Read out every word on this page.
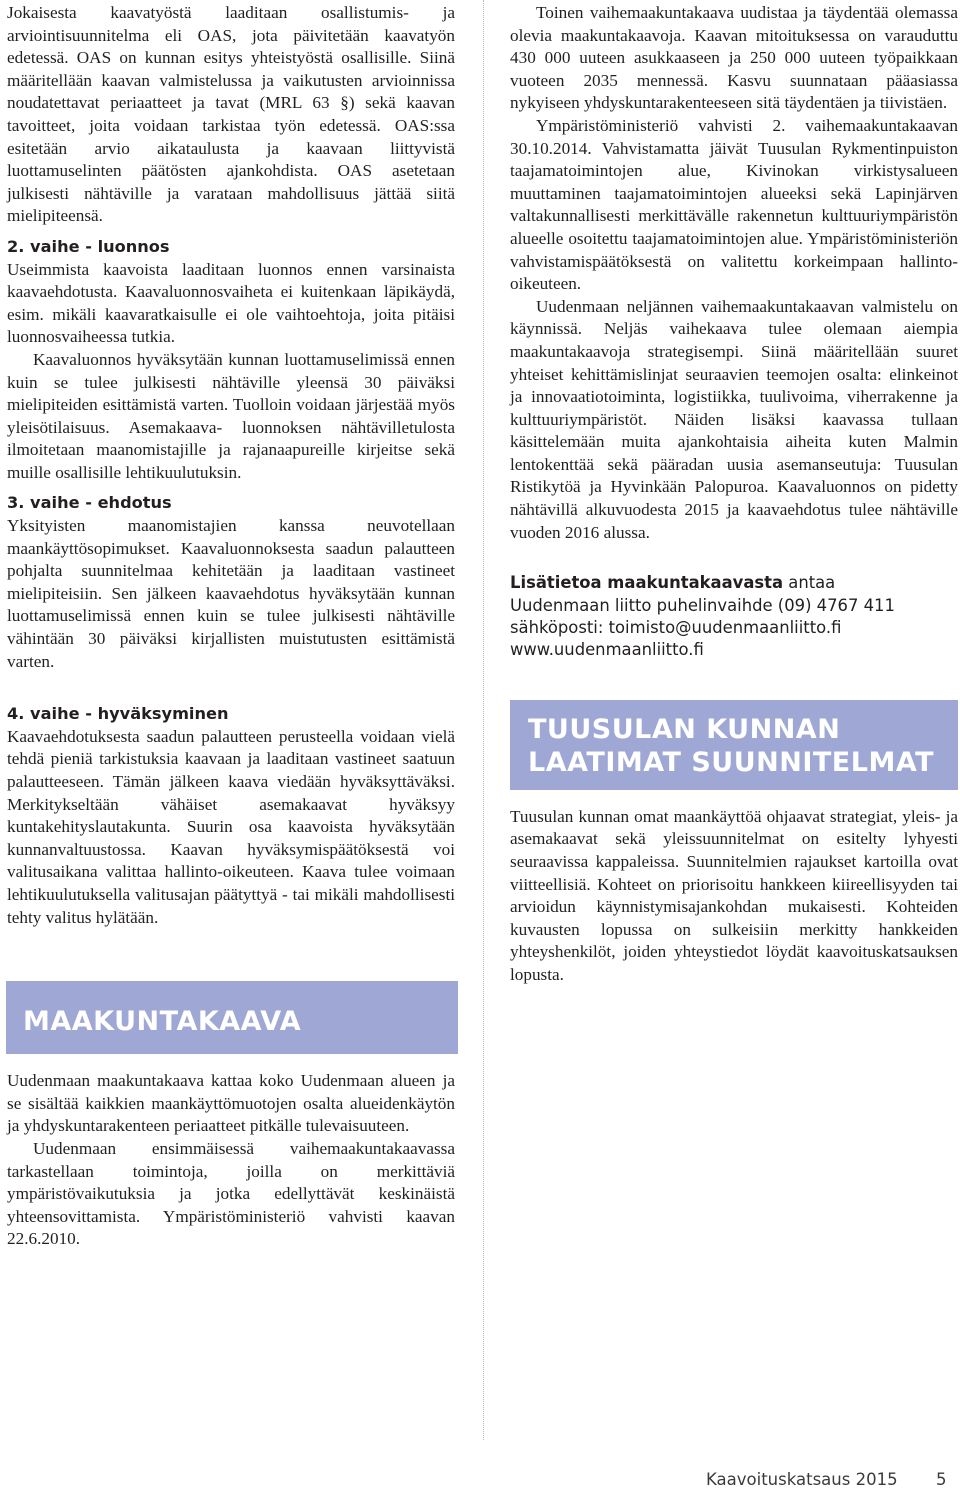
Jokaisesta kaavatyöstä laaditaan osallistumis- ja arviointisuunnitelma eli OAS, jota päivitetään kaavatyön edetessä. OAS on kunnan esitys yhteistyöstä osallisille. Siinä määritellään kaavan valmistelussa ja vaikutusten arvioinnissa noudatettavat periaatteet ja tavat (MRL 63 §) sekä kaavan tavoitteet, joita voidaan tarkistaa työn edetessä. OAS:ssa esitetään arvio aikataulusta ja kaavaan liittyvistä luottamuselinten päätösten ajankohdista. OAS asetetaan julkisesti nähtäville ja varataan mahdollisuus jättää siitä mielipiteensä.

2. vaihe - luonnos

Useimmista kaavoista laaditaan luonnos ennen varsinaista kaavaehdotusta. Kaavaluonnosvaiheta ei kuitenkaan läpikäydä, esim. mikäli kaavaratkaisulle ei ole vaihtoehtoja, joita pitäisi luonnosvaiheessa tutkia.

Kaavaluonnos hyväksytään kunnan luottamuselimissä ennen kuin se tulee julkisesti nähtäville yleensä 30 päiväksi mielipiteiden esittämistä varten. Tuolloin voidaan järjestää myös yleisötilaisuus. Asemakaava- luonnoksen nähtävilletulosta ilmoitetaan maanomistajille ja rajanaapureille kirjeitse sekä muille osallisille lehtikuulutuksin.

3. vaihe - ehdotus

Yksityisten maanomistajien kanssa neuvotellaan maankäyttösopimukset. Kaavaluonnoksesta saadun palautteen pohjalta suunnitelmaa kehitetään ja laaditaan vastineet mielipiteisiin. Sen jälkeen kaavaehdotus hyväksytään kunnan luottamuselimissä ennen kuin se tulee julkisesti nähtäville vähintään 30 päiväksi kirjallisten muistutusten esittämistä varten.

4. vaihe - hyväksyminen

Kaavaehdotuksesta saadun palautteen perusteella voidaan vielä tehdä pieniä tarkistuksia kaavaan ja laaditaan vastineet saatuun palautteeseen. Tämän jälkeen kaava viedään hyväksyttäväksi. Merkitykseltään vähäiset asemakaavat hyväksyy kuntakehityslautakunta. Suurin osa kaavoista hyväksytään kunnanvaltuustossa. Kaavan hyväksymispäätöksestä voi valitusaikana valittaa hallinto-oikeuteen. Kaava tulee voimaan lehtikuulutuksella valitusajan päätyttyä - tai mikäli mahdollisesti tehty valitus hylätään.

MAAKUNTAKAAVA

Uudenmaan maakuntakaava kattaa koko Uudenmaan alueen ja se sisältää kaikkien maankäyttömuotojen osalta alueidenkäytön ja yhdyskuntarakenteen periaatteet pitkälle tulevaisuuteen.

Uudenmaan ensimmäisessä vaihemaakuntakaavassa tarkastellaan toimintoja, joilla on merkittäviä ympäristövaikutuksia ja jotka edellyttävät keskinäistä yhteensovittamista. Ympäristöministeriö vahvisti kaavan 22.6.2010.

Toinen vaihemaakuntakaava uudistaa ja täydentää olemassa olevia maakuntakaavoja. Kaavan mitoituksessa on varauduttu 430 000 uuteen asukkaaseen ja 250 000 uuteen työpaikkaan vuoteen 2035 mennessä. Kasvu suunnataan pääasiassa nykyiseen yhdyskuntarakenteeseen sitä täydentäen ja tiivistäen.

Ympäristöministeriö vahvisti 2. vaihemaakuntakaavan 30.10.2014. Vahvistamatta jäivät Tuusulan Rykmentinpuiston taajamatoimintojen alue, Kivinokan virkistysalueen muuttaminen taajamatoimintojen alueeksi sekä Lapinjärven valtakunnallisesti merkittävälle rakennetun kulttuuriympäristön alueelle osoitettu taajamatoimintojen alue. Ympäristöministeriön vahvistamispäätöksestä on valitettu korkeimpaan hallinto-oikeuteen.

Uudenmaan neljännen vaihemaakuntakaavan valmistelu on käynnissä. Neljäs vaihekaava tulee olemaan aiempia maakuntakaavoja strategisempi. Siinä määritellään suuret yhteiset kehittämislinjat seuraavien teemojen osalta: elinkeinot ja innovaatiotoiminta, logistiikka, tuulivoima, viherrakenne ja kulttuuriympäristöt. Näiden lisäksi kaavassa tullaan käsittelemään muita ajankohtaisia aiheita kuten Malmin lentokenttää sekä pääradan uusia asemanseutuja: Tuusulan Ristikytöä ja Hyvinkään Palopuroa. Kaavaluonnos on pidetty nähtävillä alkuvuodesta 2015 ja kaavaehdotus tulee nähtäville vuoden 2016 alussa.

Lisätietoa maakuntakaavasta antaa
Uudenmaan liitto puhelinvaihde (09) 4767 411
sähköposti: toimisto@uudenmaanliitto.fi
www.uudenmaanliitto.fi
TUUSULAN KUNNAN
LAATIMAT SUUNNITELMAT

Tuusulan kunnan omat maankäyttöä ohjaavat strategiat, yleis- ja asemakaavat sekä yleissuunnitelmat on esitelty lyhyesti seuraavissa kappaleissa. Suunnitelmien rajaukset kartoilla ovat viitteellisiä. Kohteet on priorisoitu hankkeen kiireellisyyden tai arvioidun käynnistymisajankohdan mukaisesti. Kohteiden kuvausten lopussa on sulkeisiin merkitty hankkeiden yhteyshenkilöt, joiden yhteystiedot löydät kaavoituskatsauksen lopusta.

Kaavoituskatsaus 2015 5
